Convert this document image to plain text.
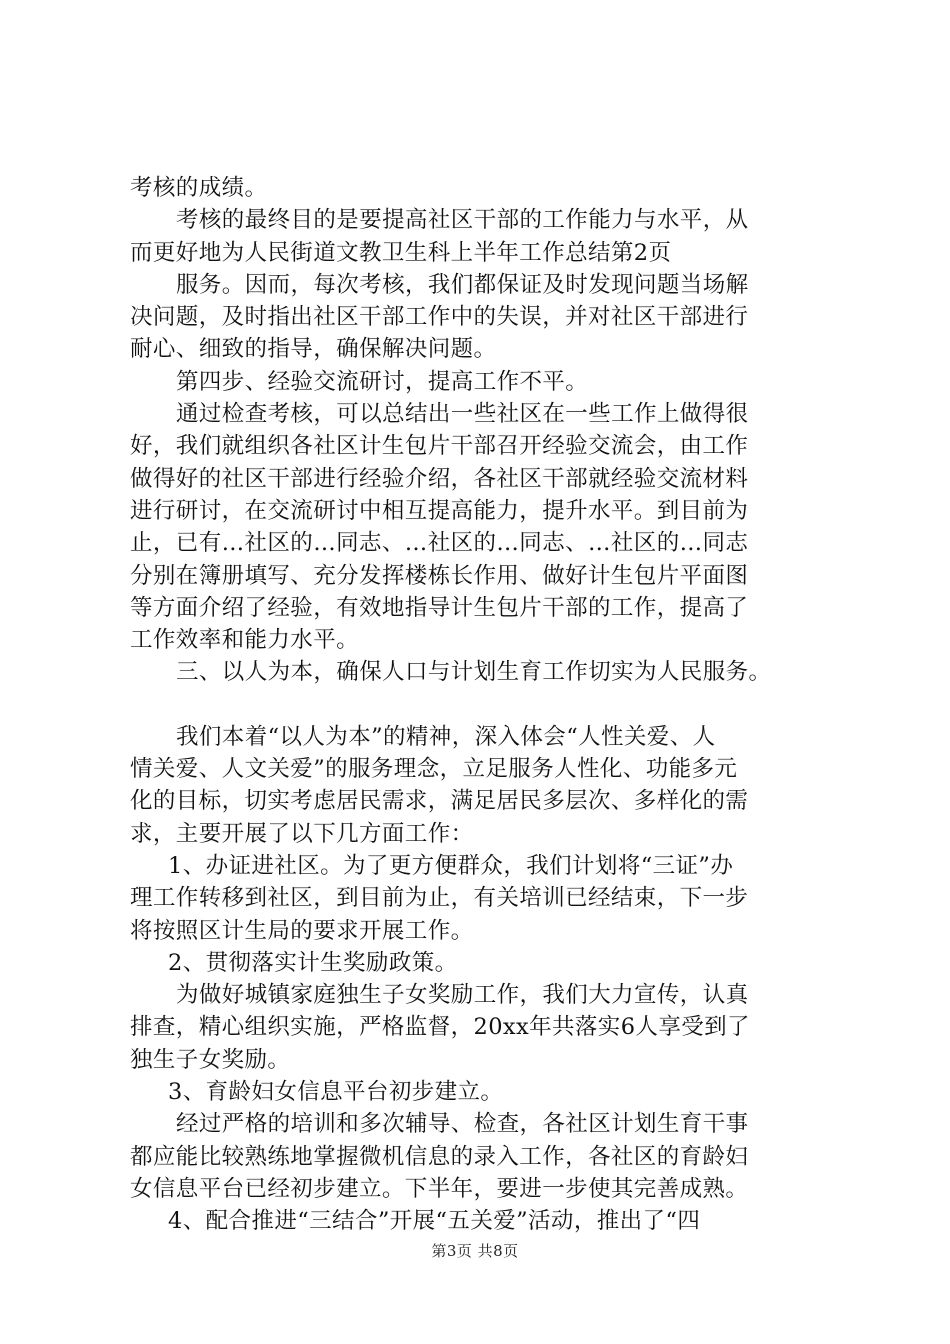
考核的成绩。
考核的最终目的是要提高社区干部的工作能力与水平，从
而更好地为人民街道文教卫生科上半年工作总结第2页
服务。因而，每次考核，我们都保证及时发现问题当场解
决问题，及时指出社区干部工作中的失误，并对社区干部进行
耐心、细致的指导，确保解决问题。
第四步、经验交流研讨，提高工作不平。
通过检查考核，可以总结出一些社区在一些工作上做得很
好，我们就组织各社区计生包片干部召开经验交流会，由工作
做得好的社区干部进行经验介绍，各社区干部就经验交流材料
进行研讨，在交流研讨中相互提高能力，提升水平。到目前为
止，已有…社区的…同志、…社区的…同志、…社区的…同志
分别在簿册填写、充分发挥楼栋长作用、做好计生包片平面图
等方面介绍了经验，有效地指导计生包片干部的工作，提高了
工作效率和能力水平。
三、以人为本，确保人口与计划生育工作切实为人民服务。
我们本着“以人为本”的精神，深入体会“人性关爱、人
情关爱、人文关爱”的服务理念，立足服务人性化、功能多元
化的目标，切实考虑居民需求，满足居民多层次、多样化的需
求，主要开展了以下几方面工作：
1、办证进社区。为了更方便群众，我们计划将“三证”办
理工作转移到社区，到目前为止，有关培训已经结束，下一步
将按照区计生局的要求开展工作。
2、贯彻落实计生奖励政策。
为做好城镇家庭独生子女奖励工作，我们大力宣传，认真
排查，精心组织实施，严格监督，20xx年共落实6人享受到了
独生子女奖励。
3、育龄妇女信息平台初步建立。
经过严格的培训和多次辅导、检查，各社区计划生育干事
都应能比较熟练地掌握微机信息的录入工作，各社区的育龄妇
女信息平台已经初步建立。下半年，要进一步使其完善成熟。
4、配合推进“三结合”开展“五关爱”活动，推出了“四
第3页 共8页
